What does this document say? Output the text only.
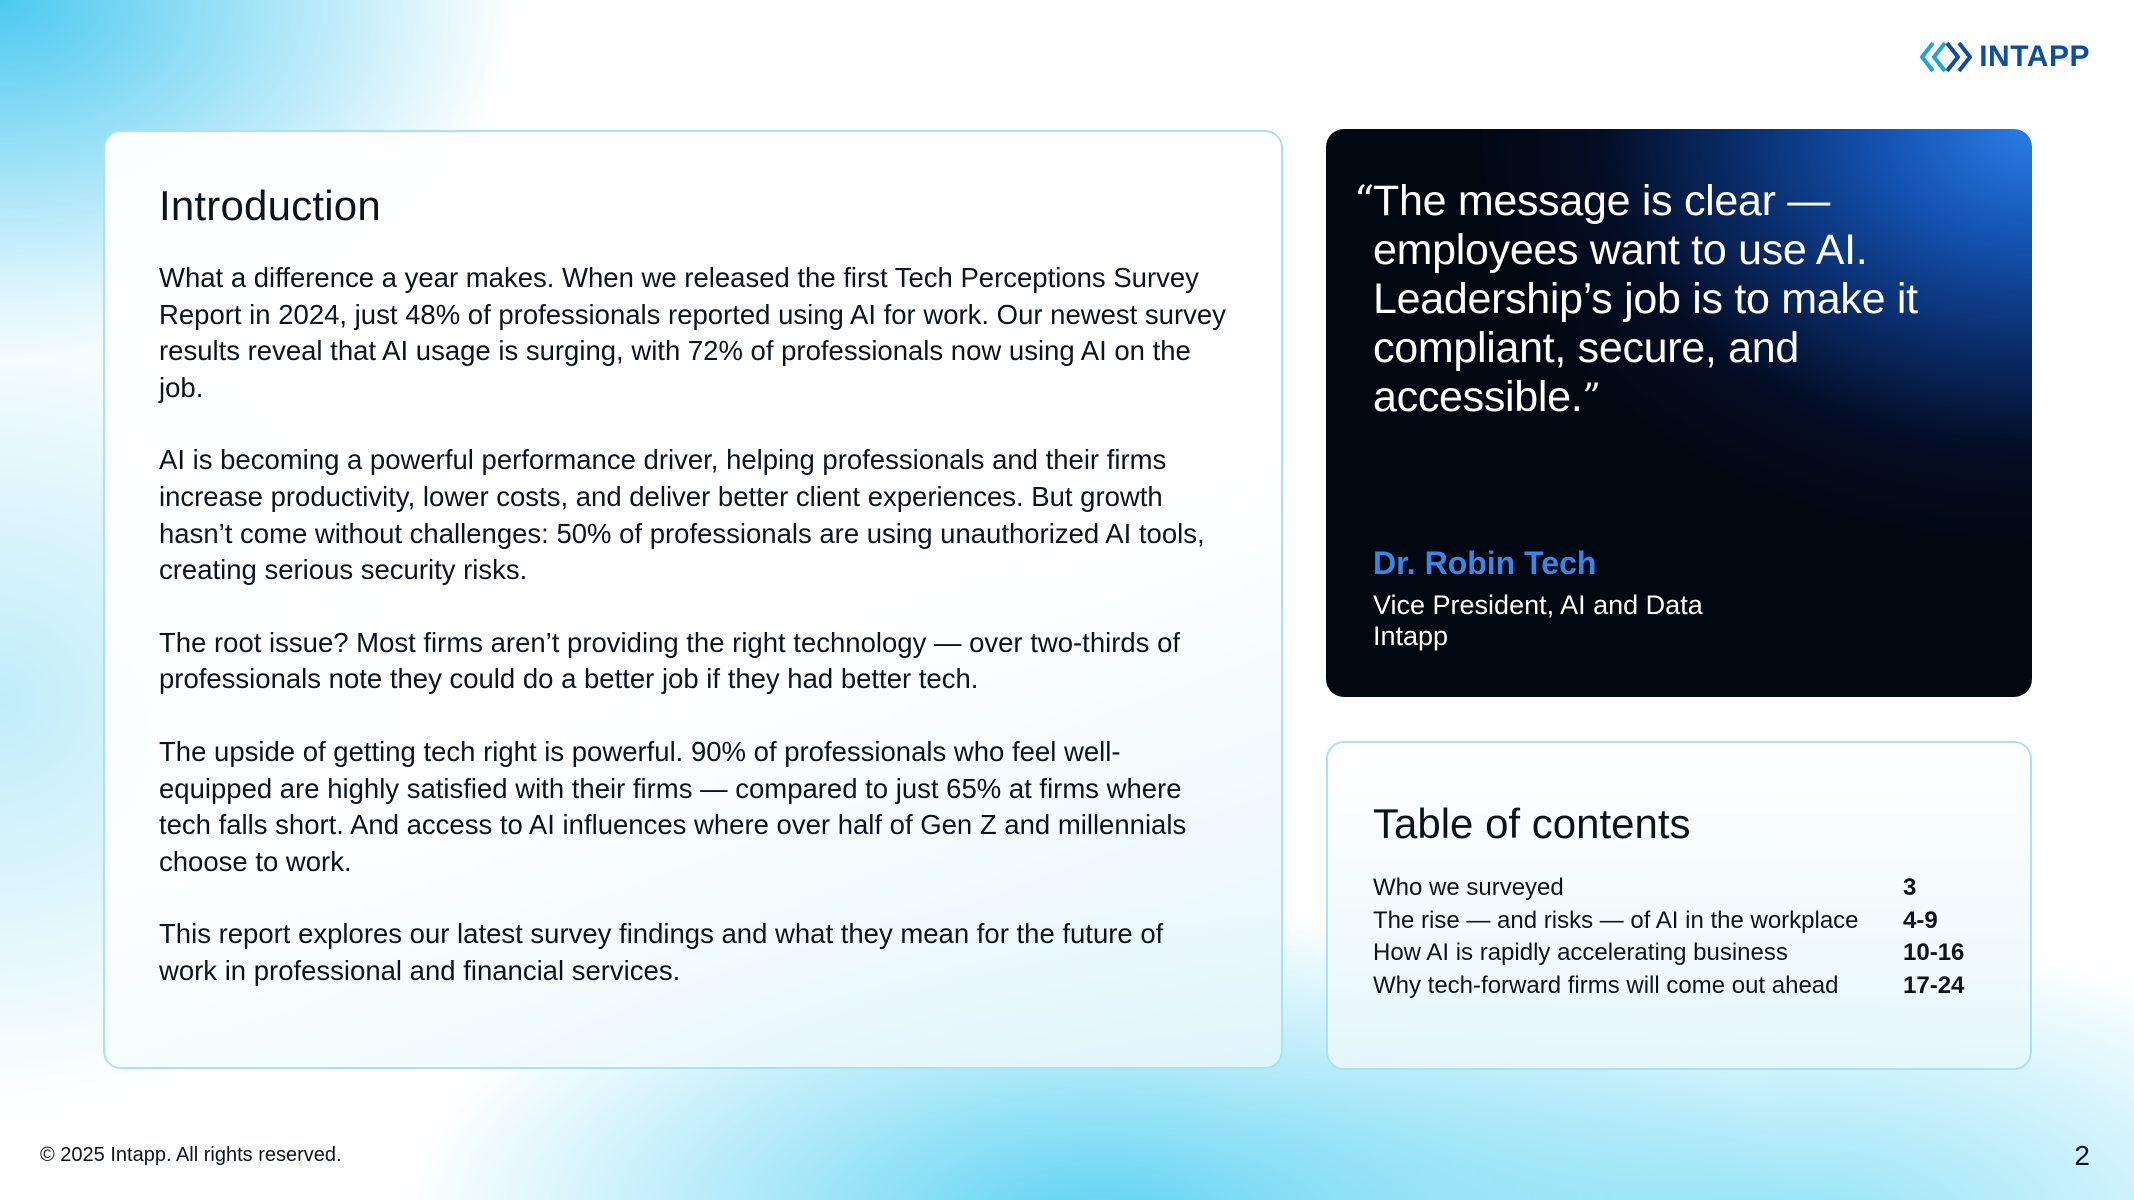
INTAPP
Introduction

What a difference a year makes. When we released the first Tech Perceptions Survey Report in 2024, just 48% of professionals reported using AI for work. Our newest survey results reveal that AI usage is surging, with 72% of professionals now using AI on the job.

AI is becoming a powerful performance driver, helping professionals and their firms increase productivity, lower costs, and deliver better client experiences. But growth hasn’t come without challenges: 50% of professionals are using unauthorized AI tools, creating serious security risks.

The root issue? Most firms aren’t providing the right technology — over two-thirds of professionals note they could do a better job if they had better tech.

The upside of getting tech right is powerful. 90% of professionals who feel well-equipped are highly satisfied with their firms — compared to just 65% at firms where tech falls short. And access to AI influences where over half of Gen Z and millennials choose to work.

This report explores our latest survey findings and what they mean for the future of work in professional and financial services.

“

The message is clear — employees want to use AI. Leadership’s job is to make it compliant, secure, and accessible.”

Dr. Robin Tech
Vice President, AI and Data
Intapp
Table of contents
Who we surveyed	3
The rise — and risks — of AI in the workplace	4-9
How AI is rapidly accelerating business	10-16
Why tech-forward firms will come out ahead	17-24
© 2025 Intapp. All rights reserved.	2
